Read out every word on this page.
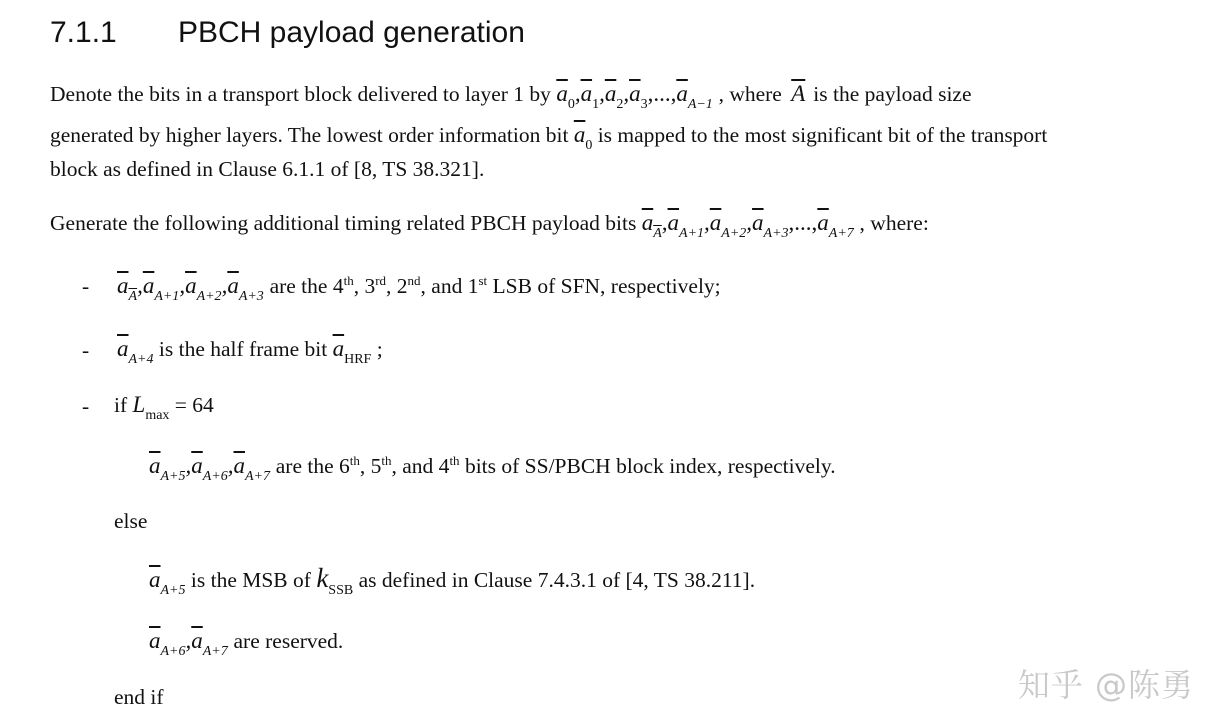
7.1.1 PBCH payload generation
Denote the bits in a transport block delivered to layer 1 by $\overline{a}_0,\overline{a}_1,\overline{a}_2,\overline{a}_3,...,\overline{a}_{A-1}$ , where $\overline{A}$ is the payload size
generated by higher layers. The lowest order information bit $\overline{a}_0$ is mapped to the most significant bit of the transport
block as defined in Clause 6.1.1 of [8, TS 38.321].
Generate the following additional timing related PBCH payload bits $\overline{a}_{\overline{A}},\overline{a}_{A+1},\overline{a}_{A+2},\overline{a}_{A+3},...,\overline{a}_{A+7}$ , where:
- $\overline{a}_{\overline{A}},\overline{a}_{A+1},\overline{a}_{A+2},\overline{a}_{A+3}$ are the 4th, 3rd, 2nd, and 1st LSB of SFN, respectively;
- $\overline{a}_{A+4}$ is the half frame bit $\overline{a}_{HRF}$ ;
- if $L_{max} = 64$
$\overline{a}_{A+5},\overline{a}_{A+6},\overline{a}_{A+7}$ are the 6th, 5th, and 4th bits of SS/PBCH block index, respectively.
else
$\overline{a}_{A+5}$ is the MSB of $k_{SSB}$ as defined in Clause 7.4.3.1 of [4, TS 38.211].
$\overline{a}_{A+6},\overline{a}_{A+7}$ are reserved.
end if	知乎 @陈勇
